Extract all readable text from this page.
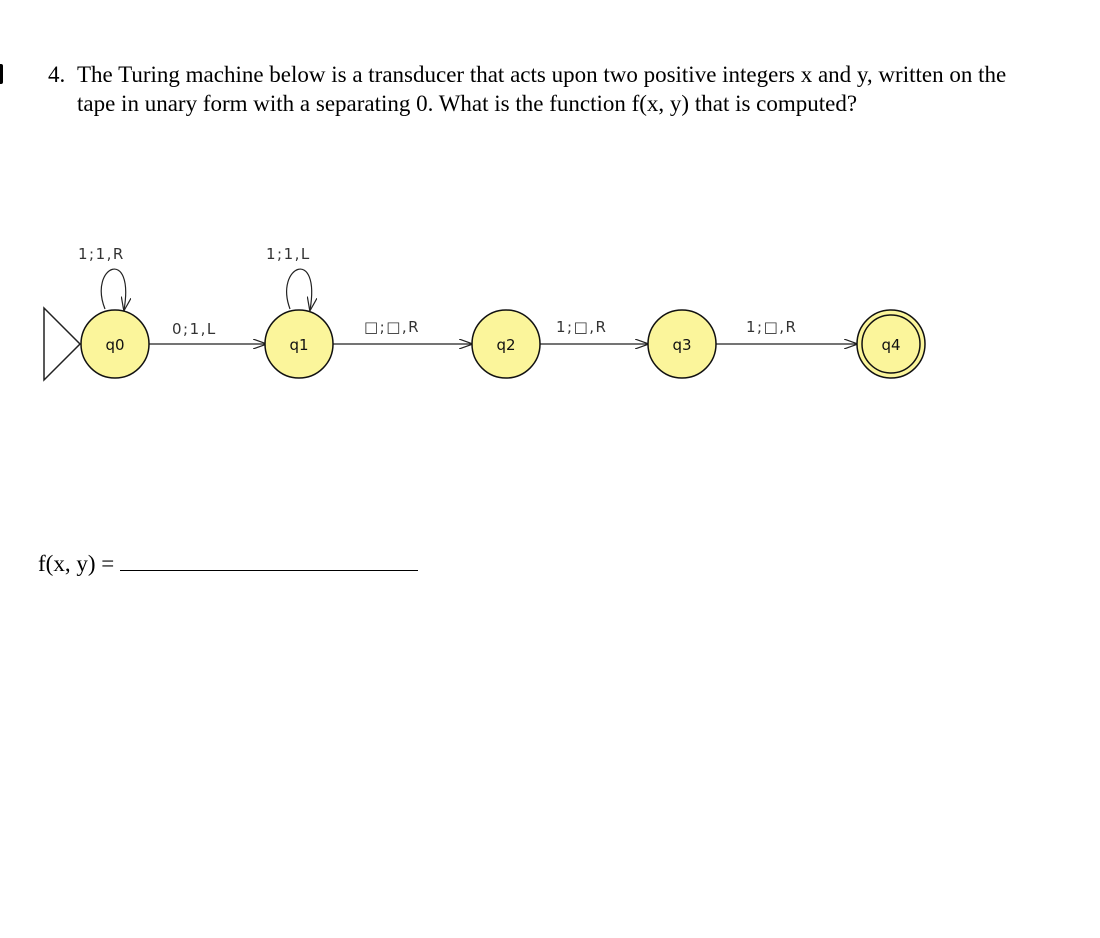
4. The Turing machine below is a transducer that acts upon two positive integers x and y, written on the tape in unary form with a separating 0. What is the function f(x, y) that is computed?
q0	q1	q2	q3	q4
1;1,R	1;1,L
0;1,L	□;□,R	1;□,R	1;□,R
f(x, y) =
